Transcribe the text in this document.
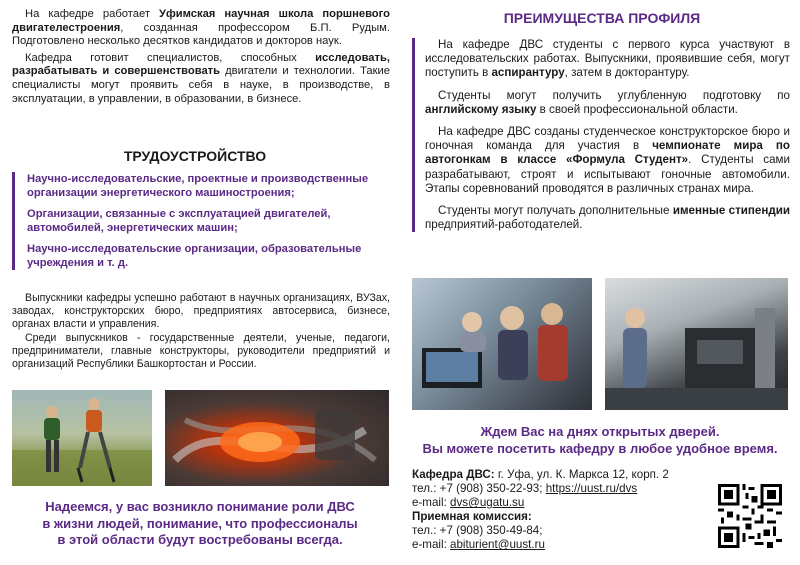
На кафедре работает Уфимская научная школа поршневого двигателестроения, созданная профессором Б.П. Рудым. Подготовлено несколько десятков кандидатов и докторов наук.

Кафедра готовит специалистов, способных исследовать, разрабатывать и совершенствовать двигатели и технологии. Такие специалисты могут проявить себя в науке, в производстве, в эксплуатации, в управлении, в образовании, в бизнесе.

ТРУДОУСТРОЙСТВО
Научно-исследовательские, проектные и производственные организации энергетического машиностроения;
Организации, связанные с эксплуатацией двигателей, автомобилей, энергетических машин;
Научно-исследовательские организации, образовательные учреждения и т. д.

Выпускники кафедры успешно работают в научных организациях, ВУЗах, заводах, конструкторских бюро, предприятиях автосервиса, бизнесе, органах власти и управления.

Среди выпускников - государственные деятели, ученые, педагоги, предприниматели, главные конструкторы, руководители предприятий и организаций Республики Башкортостан и России.

Надеемся, у вас возникло понимание роли ДВС
в жизни людей, понимание, что профессионалы
в этой области будут востребованы всегда.
ПРЕИМУЩЕСТВА ПРОФИЛЯ

На кафедре ДВС студенты с первого курса участвуют в исследовательских работах. Выпускники, проявившие себя, могут поступить в аспирантуру, затем в докторантуру.

Студенты могут получить углубленную подготовку по английскому языку в своей профессиональной области.

На кафедре ДВС созданы студенческое конструкторское бюро и гоночная команда для участия в чемпионате мира по автогонкам в классе «Формула Студент». Студенты сами разрабатывают, строят и испытывают гоночные автомобили. Этапы соревнований проводятся в различных странах мира.

Студенты могут получать дополнительные именные стипендии предприятий-работодателей.

Ждем Вас на днях открытых дверей.
Вы можете посетить кафедру в любое удобное время.
Кафедра ДВС: г. Уфа, ул. К. Маркса 12, корп. 2
тел.: +7 (908) 350-22-93; https://uust.ru/dvs
e-mail: dvs@ugatu.su
Приемная комиссия:
тел.: +7 (908) 350-49-84;
e-mail: abiturient@uust.ru
